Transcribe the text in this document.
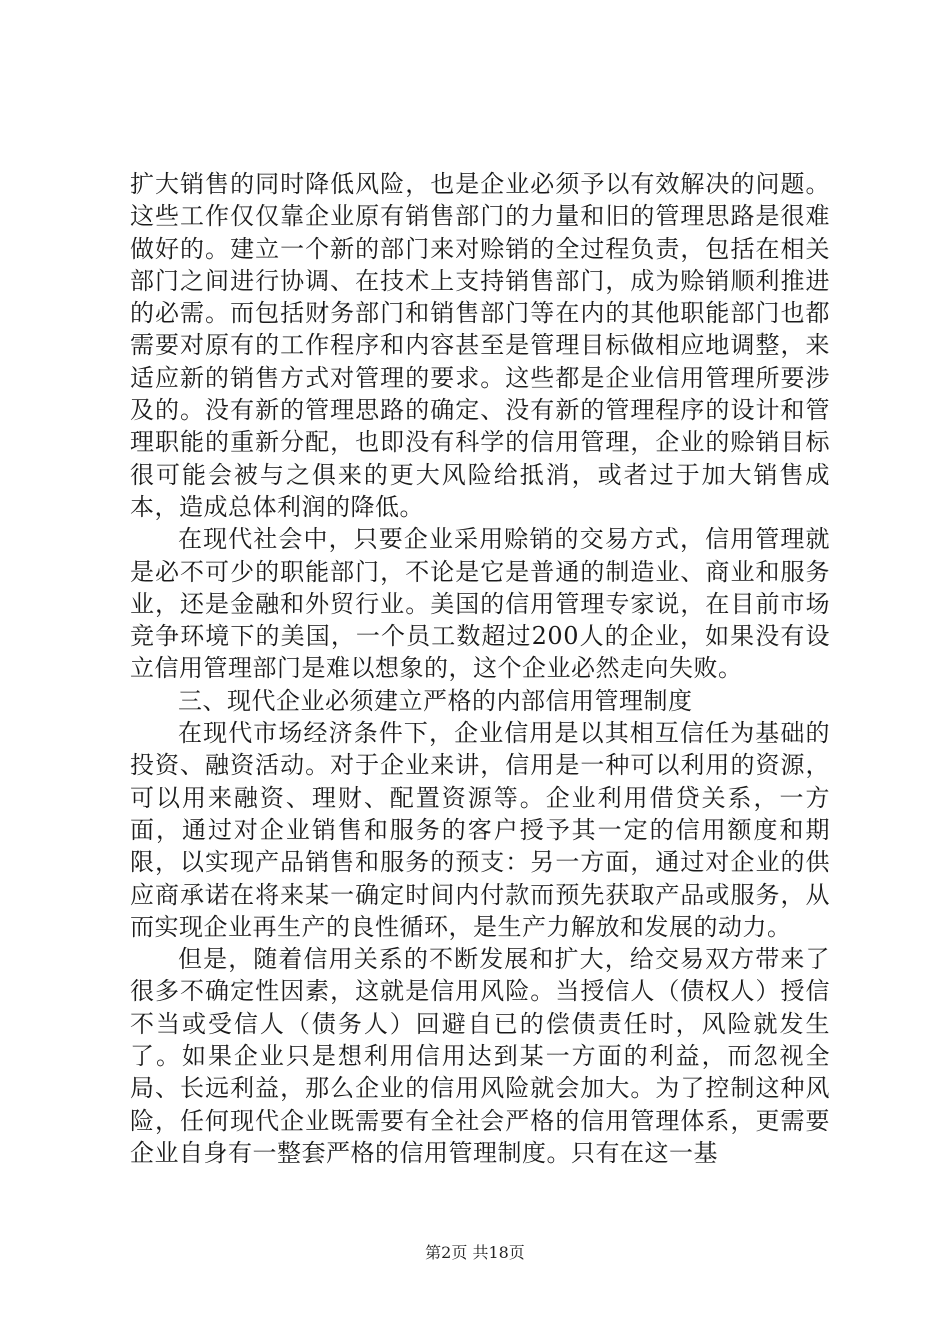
扩大销售的同时降低风险，也是企业必须予以有效解决的问题。这些工作仅仅靠企业原有销售部门的力量和旧的管理思路是很难做好的。建立一个新的部门来对赊销的全过程负责，包括在相关部门之间进行协调、在技术上支持销售部门，成为赊销顺利推进的必需。而包括财务部门和销售部门等在内的其他职能部门也都需要对原有的工作程序和内容甚至是管理目标做相应地调整，来适应新的销售方式对管理的要求。这些都是企业信用管理所要涉及的。没有新的管理思路的确定、没有新的管理程序的设计和管理职能的重新分配，也即没有科学的信用管理，企业的赊销目标很可能会被与之俱来的更大风险给抵消，或者过于加大销售成本，造成总体利润的降低。

在现代社会中，只要企业采用赊销的交易方式，信用管理就是必不可少的职能部门，不论是它是普通的制造业、商业和服务业，还是金融和外贸行业。美国的信用管理专家说，在目前市场竞争环境下的美国，一个员工数超过200人的企业，如果没有设立信用管理部门是难以想象的，这个企业必然走向失败。

三、现代企业必须建立严格的内部信用管理制度

在现代市场经济条件下，企业信用是以其相互信任为基础的投资、融资活动。对于企业来讲，信用是一种可以利用的资源，可以用来融资、理财、配置资源等。企业利用借贷关系，一方面，通过对企业销售和服务的客户授予其一定的信用额度和期限，以实现产品销售和服务的预支：另一方面，通过对企业的供应商承诺在将来某一确定时间内付款而预先获取产品或服务，从而实现企业再生产的良性循环，是生产力解放和发展的动力。

但是，随着信用关系的不断发展和扩大，给交易双方带来了很多不确定性因素，这就是信用风险。当授信人（债权人）授信不当或受信人（债务人）回避自已的偿债责任时，风险就发生了。如果企业只是想利用信用达到某一方面的利益，而忽视全局、长远利益，那么企业的信用风险就会加大。为了控制这种风险，任何现代企业既需要有全社会严格的信用管理体系，更需要企业自身有一整套严格的信用管理制度。只有在这一基

第2页 共18页
